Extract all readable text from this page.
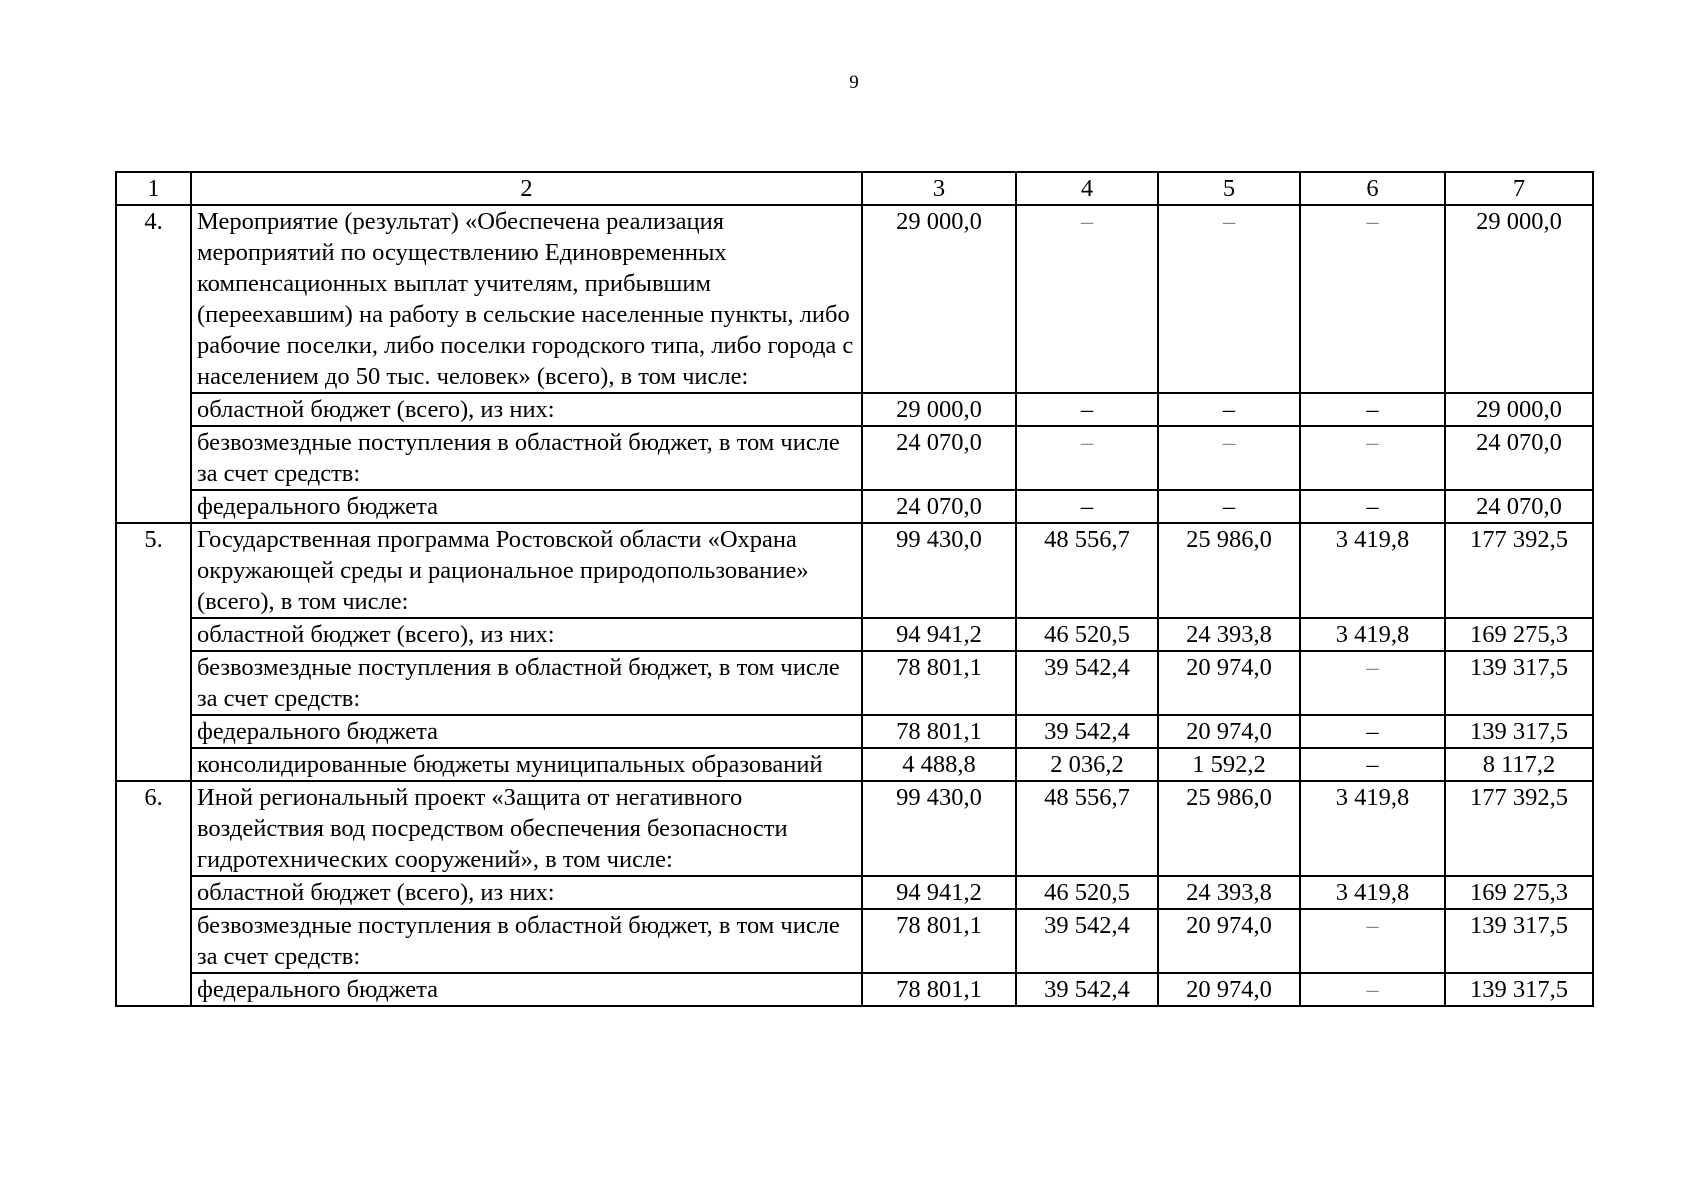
9
1	2	3	4	5	6	7
4.	Мероприятие (результат) «Обеспечена реализация мероприятий по осуществлению Единовременных компенсационных выплат учителям, прибывшим (переехавшим) на работу в сельские населенные пункты, либо рабочие поселки, либо поселки городского типа, либо города с населением до 50 тыс. человек» (всего), в том числе:	29 000,0	–	–	–	29 000,0
	областной бюджет (всего), из них:	29 000,0	–	–	–	29 000,0
	безвозмездные поступления в областной бюджет, в том числе за счет средств:	24 070,0	–	–	–	24 070,0
	федерального бюджета	24 070,0	–	–	–	24 070,0
5.	Государственная программа Ростовской области «Охрана окружающей среды и рациональное природопользование» (всего), в том числе:	99 430,0	48 556,7	25 986,0	3 419,8	177 392,5
	областной бюджет (всего), из них:	94 941,2	46 520,5	24 393,8	3 419,8	169 275,3
	безвозмездные поступления в областной бюджет, в том числе за счет средств:	78 801,1	39 542,4	20 974,0	–	139 317,5
	федерального бюджета	78 801,1	39 542,4	20 974,0	–	139 317,5
	консолидированные бюджеты муниципальных образований	4 488,8	2 036,2	1 592,2	–	8 117,2
6.	Иной региональный проект «Защита от негативного воздействия вод посредством обеспечения безопасности гидротехнических сооружений», в том числе:	99 430,0	48 556,7	25 986,0	3 419,8	177 392,5
	областной бюджет (всего), из них:	94 941,2	46 520,5	24 393,8	3 419,8	169 275,3
	безвозмездные поступления в областной бюджет, в том числе за счет средств:	78 801,1	39 542,4	20 974,0	–	139 317,5
	федерального бюджета	78 801,1	39 542,4	20 974,0	–	139 317,5
